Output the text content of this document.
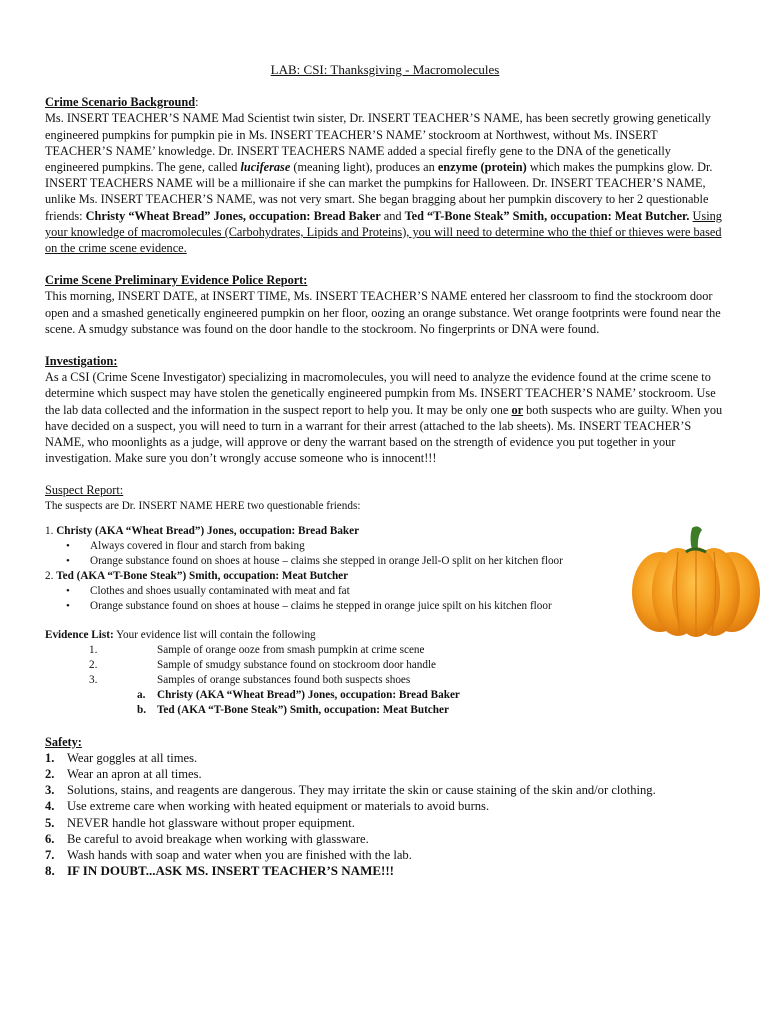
LAB: CSI: Thanksgiving - Macromolecules

Crime Scenario Background:
Ms. INSERT TEACHER’S NAME Mad Scientist twin sister, Dr. INSERT TEACHER’S NAME, has been secretly growing genetically engineered pumpkins for pumpkin pie in Ms. INSERT TEACHER’S NAME’ stockroom at Northwest, without Ms. INSERT TEACHER’S NAME’ knowledge. Dr. INSERT TEACHERS NAME added a special firefly gene to the DNA of the genetically engineered pumpkins. The gene, called luciferase (meaning light), produces an enzyme (protein) which makes the pumpkins glow. Dr. INSERT TEACHERS NAME will be a millionaire if she can market the pumpkins for Halloween. Dr. INSERT TEACHER’S NAME, unlike Ms. INSERT TEACHER’S NAME, was not very smart. She began bragging about her pumpkin discovery to her 2 questionable friends: Christy “Wheat Bread” Jones, occupation: Bread Baker and Ted “T-Bone Steak” Smith, occupation: Meat Butcher. Using your knowledge of macromolecules (Carbohydrates, Lipids and Proteins), you will need to determine who the thief or thieves were based on the crime scene evidence.

Crime Scene Preliminary Evidence Police Report:
This morning, INSERT DATE, at INSERT TIME, Ms. INSERT TEACHER’S NAME entered her classroom to find the stockroom door open and a smashed genetically engineered pumpkin on her floor, oozing an orange substance. Wet orange footprints were found near the scene. A smudgy substance was found on the door handle to the stockroom. No fingerprints or DNA were found.

Investigation:
As a CSI (Crime Scene Investigator) specializing in macromolecules, you will need to analyze the evidence found at the crime scene to determine which suspect may have stolen the genetically engineered pumpkin from Ms. INSERT TEACHER’S NAME’ stockroom. Use the lab data collected and the information in the suspect report to help you. It may be only one or both suspects who are guilty. When you have decided on a suspect, you will need to turn in a warrant for their arrest (attached to the lab sheets). Ms. INSERT TEACHER’S NAME, who moonlights as a judge, will approve or deny the warrant based on the strength of evidence you put together in your investigation. Make sure you don’t wrongly accuse someone who is innocent!!!

Suspect Report:
The suspects are Dr. INSERT NAME HERE two questionable friends:
1. Christy (AKA “Wheat Bread”) Jones, occupation: Bread Baker
• Always covered in flour and starch from baking
• Orange substance found on shoes at house – claims she stepped in orange Jell-O split on her kitchen floor
2. Ted (AKA “T-Bone Steak”) Smith, occupation: Meat Butcher
• Clothes and shoes usually contaminated with meat and fat
• Orange substance found on shoes at house – claims he stepped in orange juice spilt on his kitchen floor
Evidence List: Your evidence list will contain the following
1.	Sample of orange ooze from smash pumpkin at crime scene
2.	Sample of smudgy substance found on stockroom door handle
3.	Samples of orange substances found both suspects shoes
a. Christy (AKA “Wheat Bread”) Jones, occupation: Bread Baker
b. Ted (AKA “T-Bone Steak”) Smith, occupation: Meat Butcher
Safety:
1. Wear goggles at all times.
2. Wear an apron at all times.
3. Solutions, stains, and reagents are dangerous. They may irritate the skin or cause staining of the skin and/or clothing.
4. Use extreme care when working with heated equipment or materials to avoid burns.
5. NEVER handle hot glassware without proper equipment.
6. Be careful to avoid breakage when working with glassware.
7. Wash hands with soap and water when you are finished with the lab.
8. IF IN DOUBT...ASK MS. INSERT TEACHER’S NAME!!!
